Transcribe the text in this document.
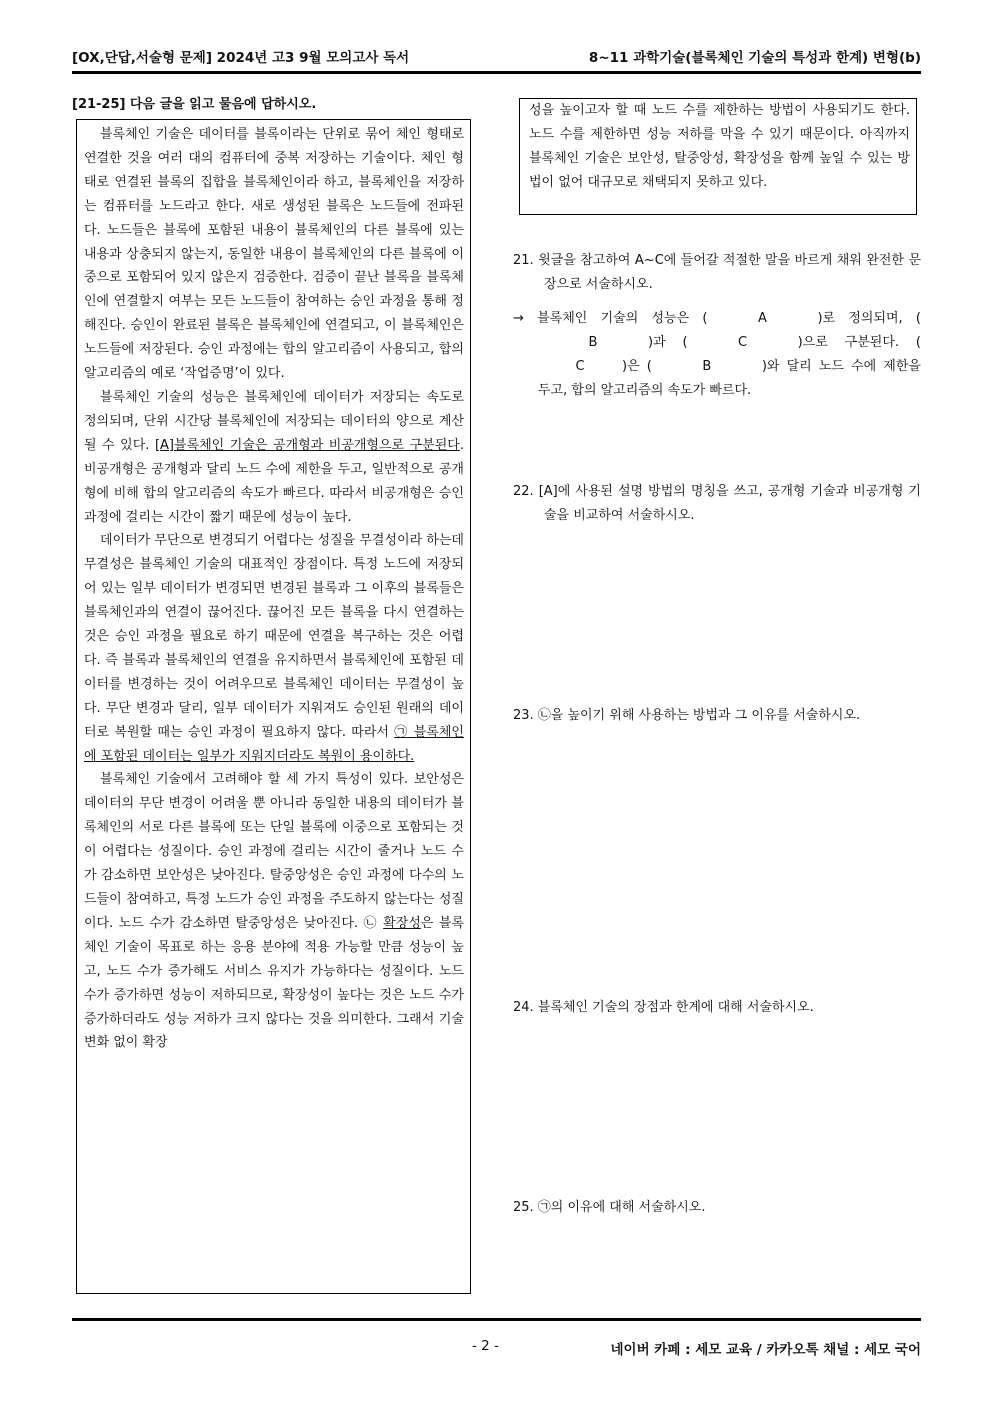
[OX,단답,서술형 문제] 2024년 고3 9월 모의고사 독서	8~11 과학기술(블록체인 기술의 특성과 한계) 변형(b)
[21-25] 다음 글을 읽고 물음에 답하시오.

블록체인 기술은 데이터를 블록이라는 단위로 묶어 체인 형태로 연결한 것을 여러 대의 컴퓨터에 중복 저장하는 기술이다. 체인 형태로 연결된 블록의 집합을 블록체인이라 하고, 블록체인을 저장하는 컴퓨터를 노드라고 한다. 새로 생성된 블록은 노드들에 전파된다. 노드들은 블록에 포함된 내용이 블록체인의 다른 블록에 있는 내용과 상충되지 않는지, 동일한 내용이 블록체인의 다른 블록에 이중으로 포함되어 있지 않은지 검증한다. 검증이 끝난 블록을 블록체인에 연결할지 여부는 모든 노드들이 참여하는 승인 과정을 통해 정해진다. 승인이 완료된 블록은 블록체인에 연결되고, 이 블록체인은 노드들에 저장된다. 승인 과정에는 합의 알고리즘이 사용되고, 합의 알고리즘의 예로 ‘작업증명’이 있다.

블록체인 기술의 성능은 블록체인에 데이터가 저장되는 속도로 정의되며, 단위 시간당 블록체인에 저장되는 데이터의 양으로 계산될 수 있다. [A]블록체인 기술은 공개형과 비공개형으로 구분된다. 비공개형은 공개형과 달리 노드 수에 제한을 두고, 일반적으로 공개형에 비해 합의 알고리즘의 속도가 빠르다. 따라서 비공개형은 승인 과정에 걸리는 시간이 짧기 때문에 성능이 높다.

데이터가 무단으로 변경되기 어렵다는 성질을 무결성이라 하는데 무결성은 블록체인 기술의 대표적인 장점이다. 특정 노드에 저장되어 있는 일부 데이터가 변경되면 변경된 블록과 그 이후의 블록들은 블록체인과의 연결이 끊어진다. 끊어진 모든 블록을 다시 연결하는 것은 승인 과정을 필요로 하기 때문에 연결을 복구하는 것은 어렵다. 즉 블록과 블록체인의 연결을 유지하면서 블록체인에 포함된 데이터를 변경하는 것이 어려우므로 블록체인 데이터는 무결성이 높다. 무단 변경과 달리, 일부 데이터가 지워져도 승인된 원래의 데이터로 복원할 때는 승인 과정이 필요하지 않다. 따라서 ㉠ 블록체인에 포함된 데이터는 일부가 지워지더라도 복원이 용이하다.

블록체인 기술에서 고려해야 할 세 가지 특성이 있다. 보안성은 데이터의 무단 변경이 어려울 뿐 아니라 동일한 내용의 데이터가 블록체인의 서로 다른 블록에 또는 단일 블록에 이중으로 포함되는 것이 어렵다는 성질이다. 승인 과정에 걸리는 시간이 줄거나 노드 수가 감소하면 보안성은 낮아진다. 탈중앙성은 승인 과정에 다수의 노드들이 참여하고, 특정 노드가 승인 과정을 주도하지 않는다는 성질이다. 노드 수가 감소하면 탈중앙성은 낮아진다. ㉡ 확장성은 블록체인 기술이 목표로 하는 응용 분야에 적용 가능할 만큼 성능이 높고, 노드 수가 증가해도 서비스 유지가 가능하다는 성질이다. 노드 수가 증가하면 성능이 저하되므로, 확장성이 높다는 것은 노드 수가 증가하더라도 성능 저하가 크지 않다는 것을 의미한다. 그래서 기술 변화 없이 확장

성을 높이고자 할 때 노드 수를 제한하는 방법이 사용되기도 한다. 노드 수를 제한하면 성능 저하를 막을 수 있기 때문이다. 아직까지 블록체인 기술은 보안성, 탈중앙성, 확장성을 함께 높일 수 있는 방법이 없어 대규모로 채택되지 못하고 있다.
21. 윗글을 참고하여 A~C에 들어갈 적절한 말을 바르게 채워 완전한 문장으로 서술하시오.
→ 블록체인 기술의 성능은 (	A	)로 정의되며, (B	)과 (	C	)으로 구분된다. (C	)은 (	B	)와 달리 노드 수에 제한을 두고, 합의 알고리즘의 속도가 빠르다.
22. [A]에 사용된 설명 방법의 명칭을 쓰고, 공개형 기술과 비공개형 기술을 비교하여 서술하시오.
23. ㉡을 높이기 위해 사용하는 방법과 그 이유를 서술하시오.
24. 블록체인 기술의 장점과 한계에 대해 서술하시오.
25. ㉠의 이유에 대해 서술하시오.
- 2 -	네이버 카페 : 세모 교육 / 카카오톡 채널 : 세모 국어
